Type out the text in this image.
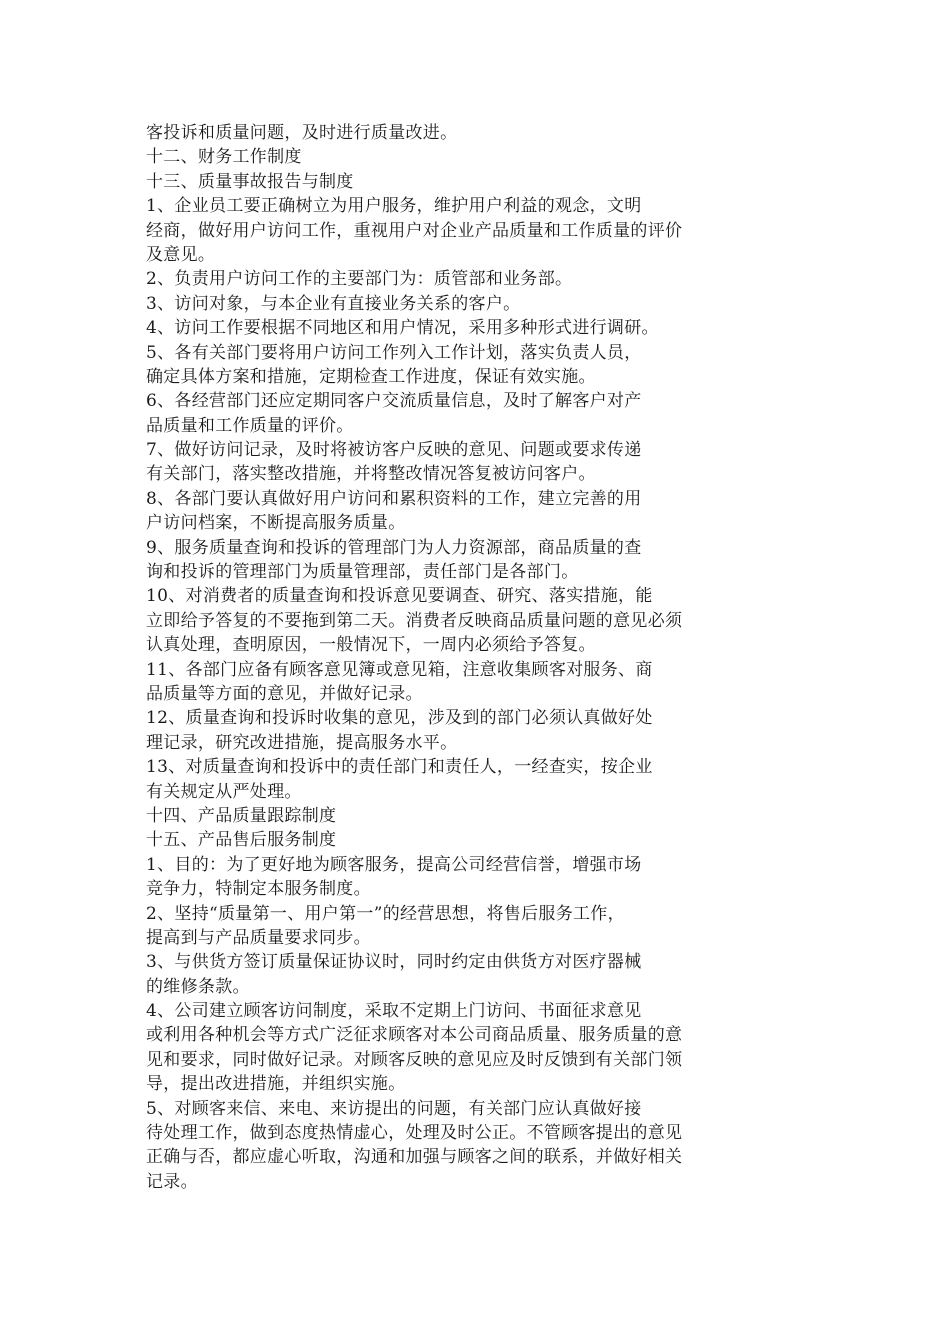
客投诉和质量问题，及时进行质量改进。
十二、财务工作制度
十三、质量事故报告与制度
1、企业员工要正确树立为用户服务，维护用户利益的观念，文明
经商，做好用户访问工作，重视用户对企业产品质量和工作质量的评价
及意见。
2、负责用户访问工作的主要部门为：质管部和业务部。
3、访问对象，与本企业有直接业务关系的客户。
4、访问工作要根据不同地区和用户情况，采用多种形式进行调研。
5、各有关部门要将用户访问工作列入工作计划，落实负责人员，
确定具体方案和措施，定期检查工作进度，保证有效实施。
6、各经营部门还应定期同客户交流质量信息，及时了解客户对产
品质量和工作质量的评价。
7、做好访问记录，及时将被访客户反映的意见、问题或要求传递
有关部门，落实整改措施，并将整改情况答复被访问客户。
8、各部门要认真做好用户访问和累积资料的工作，建立完善的用
户访问档案，不断提高服务质量。
9、服务质量查询和投诉的管理部门为人力资源部，商品质量的查
询和投诉的管理部门为质量管理部，责任部门是各部门。
10、对消费者的质量查询和投诉意见要调查、研究、落实措施，能
立即给予答复的不要拖到第二天。消费者反映商品质量问题的意见必须
认真处理，查明原因，一般情况下，一周内必须给予答复。
11、各部门应备有顾客意见簿或意见箱，注意收集顾客对服务、商
品质量等方面的意见，并做好记录。
12、质量查询和投诉时收集的意见，涉及到的部门必须认真做好处
理记录，研究改进措施，提高服务水平。
13、对质量查询和投诉中的责任部门和责任人，一经查实，按企业
有关规定从严处理。
十四、产品质量跟踪制度
十五、产品售后服务制度
1、目的：为了更好地为顾客服务，提高公司经营信誉，增强市场
竞争力，特制定本服务制度。
2、坚持“质量第一、用户第一”的经营思想，将售后服务工作，
提高到与产品质量要求同步。
3、与供货方签订质量保证协议时，同时约定由供货方对医疗器械
的维修条款。
4、公司建立顾客访问制度，采取不定期上门访问、书面征求意见
或利用各种机会等方式广泛征求顾客对本公司商品质量、服务质量的意
见和要求，同时做好记录。对顾客反映的意见应及时反馈到有关部门领
导，提出改进措施，并组织实施。
5、对顾客来信、来电、来访提出的问题，有关部门应认真做好接
待处理工作，做到态度热情虚心，处理及时公正。不管顾客提出的意见
正确与否，都应虚心听取，沟通和加强与顾客之间的联系，并做好相关
记录。
